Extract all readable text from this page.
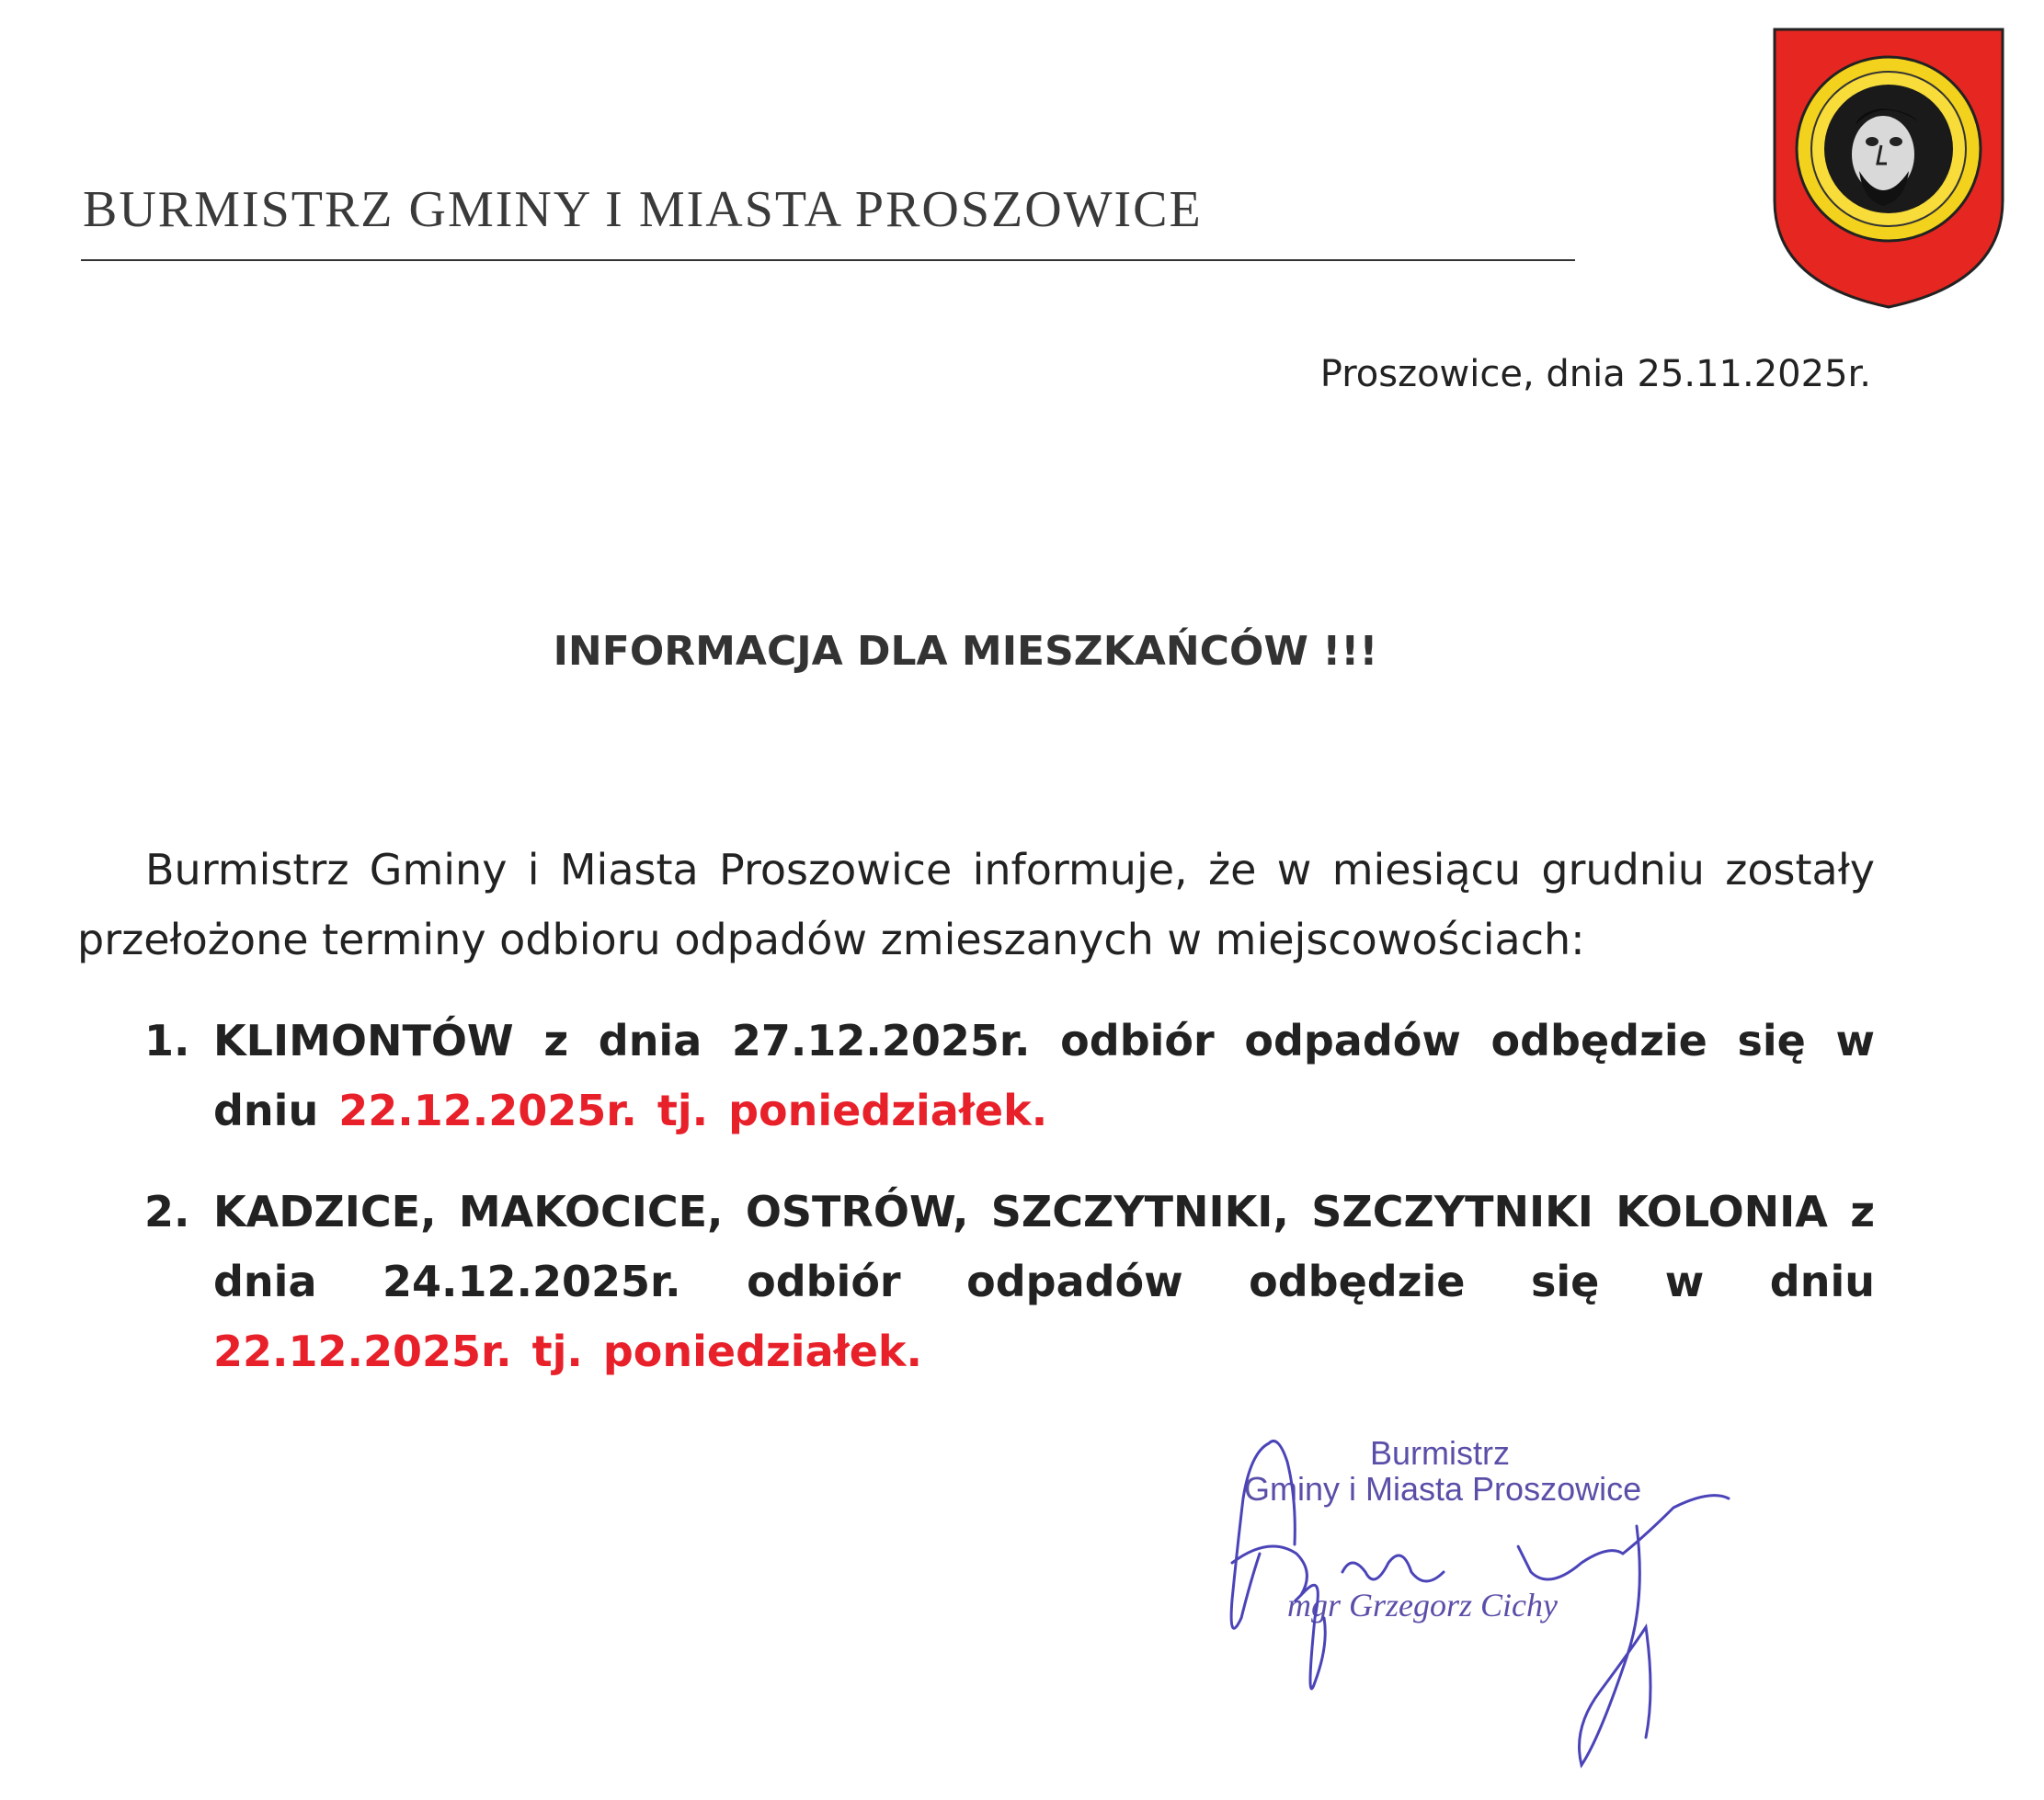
BURMISTRZ GMINY I MIASTA PROSZOWICE
Proszowice, dnia 25.11.2025r.
INFORMACJA DLA MIESZKAŃCÓW !!!
Burmistrz Gminy i Miasta Proszowice informuje, że w miesiącu grudniu zostały przełożone terminy odbioru odpadów zmieszanych w miejscowościach:
1. KLIMONTÓW z dnia 27.12.2025r. odbiór odpadów odbędzie się w dniu 22.12.2025r. tj. poniedziałek.
2. KADZICE, MAKOCICE, OSTRÓW, SZCZYTNIKI, SZCZYTNIKI KOLONIA z dnia 24.12.2025r. odbiór odpadów odbędzie się w dniu 22.12.2025r. tj. poniedziałek.
Burmistrz
Gminy i Miasta Proszowice
mgr Grzegorz Cichy
